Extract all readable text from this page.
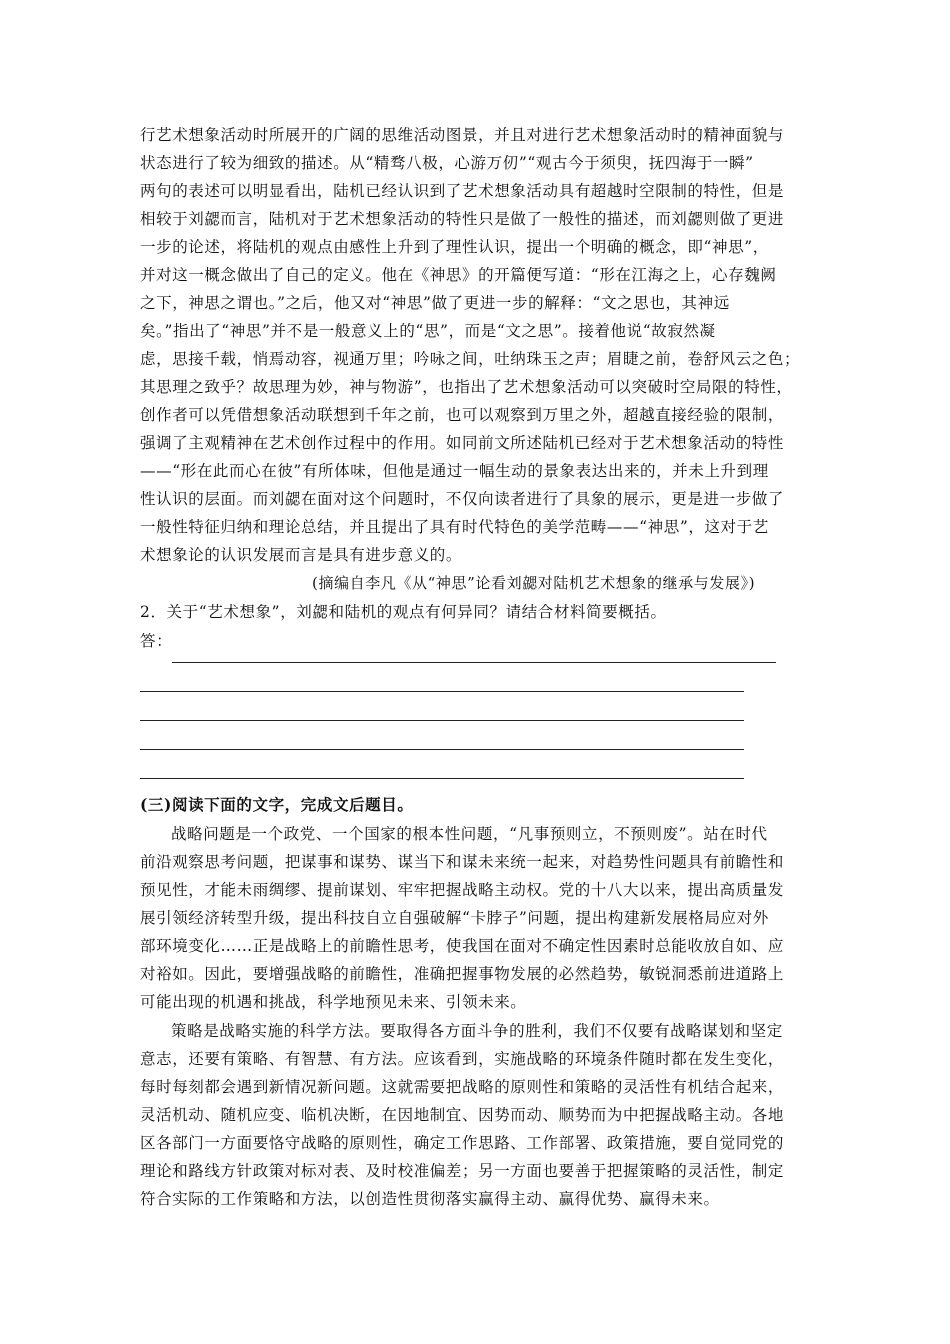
行艺术想象活动时所展开的广阔的思维活动图景，并且对进行艺术想象活动时的精神面貌与
状态进行了较为细致的描述。从“精骛八极，心游万仞”“观古今于须臾，抚四海于一瞬”
两句的表述可以明显看出，陆机已经认识到了艺术想象活动具有超越时空限制的特性，但是
相较于刘勰而言，陆机对于艺术想象活动的特性只是做了一般性的描述，而刘勰则做了更进
一步的论述，将陆机的观点由感性上升到了理性认识，提出一个明确的概念，即“神思”，
并对这一概念做出了自己的定义。他在《神思》的开篇便写道：“形在江海之上，心存魏阙
之下，神思之谓也。”之后，他又对“神思”做了更进一步的解释：“文之思也，其神远
矣。”指出了“神思”并不是一般意义上的“思”，而是“文之思”。接着他说“故寂然凝
虑，思接千载，悄焉动容，视通万里；吟咏之间，吐纳珠玉之声；眉睫之前，卷舒风云之色；
其思理之致乎？故思理为妙，神与物游”，也指出了艺术想象活动可以突破时空局限的特性，
创作者可以凭借想象活动联想到千年之前，也可以观察到万里之外，超越直接经验的限制，
强调了主观精神在艺术创作过程中的作用。如同前文所述陆机已经对于艺术想象活动的特性
——“形在此而心在彼”有所体味，但他是通过一幅生动的景象表达出来的，并未上升到理
性认识的层面。而刘勰在面对这个问题时，不仅向读者进行了具象的展示，更是进一步做了
一般性特征归纳和理论总结，并且提出了具有时代特色的美学范畴——“神思”，这对于艺
术想象论的认识发展而言是具有进步意义的。
(摘编自李凡《从“神思”论看刘勰对陆机艺术想象的继承与发展》)
2．关于“艺术想象”，刘勰和陆机的观点有何异同？请结合材料简要概括。
答：
(三)阅读下面的文字，完成文后题目。
战略问题是一个政党、一个国家的根本性问题，“凡事预则立，不预则废”。站在时代
前沿观察思考问题，把谋事和谋势、谋当下和谋未来统一起来，对趋势性问题具有前瞻性和
预见性，才能未雨绸缪、提前谋划、牢牢把握战略主动权。党的十八大以来，提出高质量发
展引领经济转型升级，提出科技自立自强破解“卡脖子”问题，提出构建新发展格局应对外
部环境变化……正是战略上的前瞻性思考，使我国在面对不确定性因素时总能收放自如、应
对裕如。因此，要增强战略的前瞻性，准确把握事物发展的必然趋势，敏锐洞悉前进道路上
可能出现的机遇和挑战，科学地预见未来、引领未来。
策略是战略实施的科学方法。要取得各方面斗争的胜利，我们不仅要有战略谋划和坚定
意志，还要有策略、有智慧、有方法。应该看到，实施战略的环境条件随时都在发生变化，
每时每刻都会遇到新情况新问题。这就需要把战略的原则性和策略的灵活性有机结合起来，
灵活机动、随机应变、临机决断，在因地制宜、因势而动、顺势而为中把握战略主动。各地
区各部门一方面要恪守战略的原则性，确定工作思路、工作部署、政策措施，要自觉同党的
理论和路线方针政策对标对表、及时校准偏差；另一方面也要善于把握策略的灵活性，制定
符合实际的工作策略和方法，以创造性贯彻落实赢得主动、赢得优势、赢得未来。
